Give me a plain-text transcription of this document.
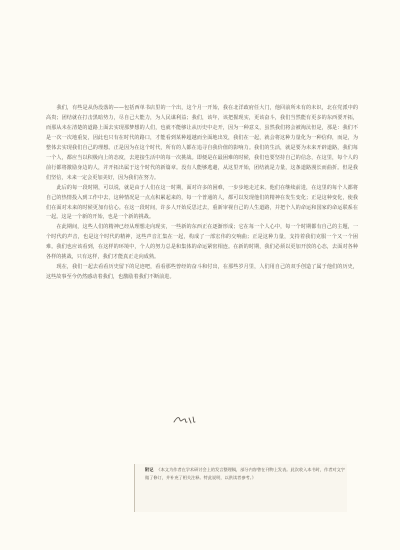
我们，有些是从伪没落的——包括西单书店里的一个出，这个月一开始，我在北洋政府任大门，他回前所未有的未识，北在党派中的高贵；团结就在打击黑暗势力，尽自己大能力，为人民谋利益；我们，该年，该把握现实，更该奋斗，我们当然能有更多的东西要开拓，而那从未在清楚的道路上面去实现那梦想的人们，也就不能够让从历史中走开，因为一种意义，虽然我们将会被淘汰但是，那是：我们不是一次一次地重复，因此也只有在时代的路口，才能看到某种超越而全面地出发，我们在一起，就会将这种力量化为一种信仰，而是，为整体去实现我们自己的理想。正是因为在这个时代，所有的人都在追寻自我价值的影响力。我们的生活，就是要为未来开辟道路，我们每一个人，都应当以积极向上的态度，去迎接生活中的每一次挑战。即便是在最困难的时候，我们也要坚持自己的信念，在这里，每个人的前行都将激励身边的人，并开拓出属于这个时代的新篇章。没有人能够逃避，从这里开始，团结就是力量，这条道路漫长而曲折。但是我们坚信，未来一定会更加美好，因为我们在努力。

此后的每一段时期，可以说，就是由于人们在这一时期，面对许多的困难，一步步地走过来。他们在继续前进，在这里的每个人都将自己的热情投入到工作中去，这种情况是一点点积累起来的，每一个普通的人，都可以发现他们的精神在发生变化；正是这种变化，使我们在面对未来的时候更加有信心。在这一段时间，许多人开始反思过去，重新审视自己的人生道路，并把个人的命运和国家的命运联系在一起。这是一个新的开始，也是一个新的挑战。

在此期间，这些人们的精神已经从理想走向现实，一些新的东西正在逐渐形成；它在每一个人心中，每一个时期都有自己的主题，一个时代的声音，也是这个时代的精神，这些声音汇集在一起，构成了一部宏伟的交响曲；正是这种力量，支持着我们克服一个又一个困难。我们也应该看到，在这样的环境中，个人的努力总是和集体的命运紧密相连。在新的时期，我们必须以更加开放的心态，去面对各种各样的挑战，只有这样，我们才能真正走向成熟。

现在，我们一起去看看历史留下的足迹吧，看看那些曾经的奋斗和付出，在那些岁月里，人们用自己的双手创造了属于他们的历史，这些故事至今仍然感动着我们，也激励着我们不断前进。

附记 《本文为作者在学术研讨会上的发言整理稿，部分内容曾在刊物上发表。此次收入本书时，作者对文字做了修订，并补充了相关注释。特此说明，以供读者参考。》
